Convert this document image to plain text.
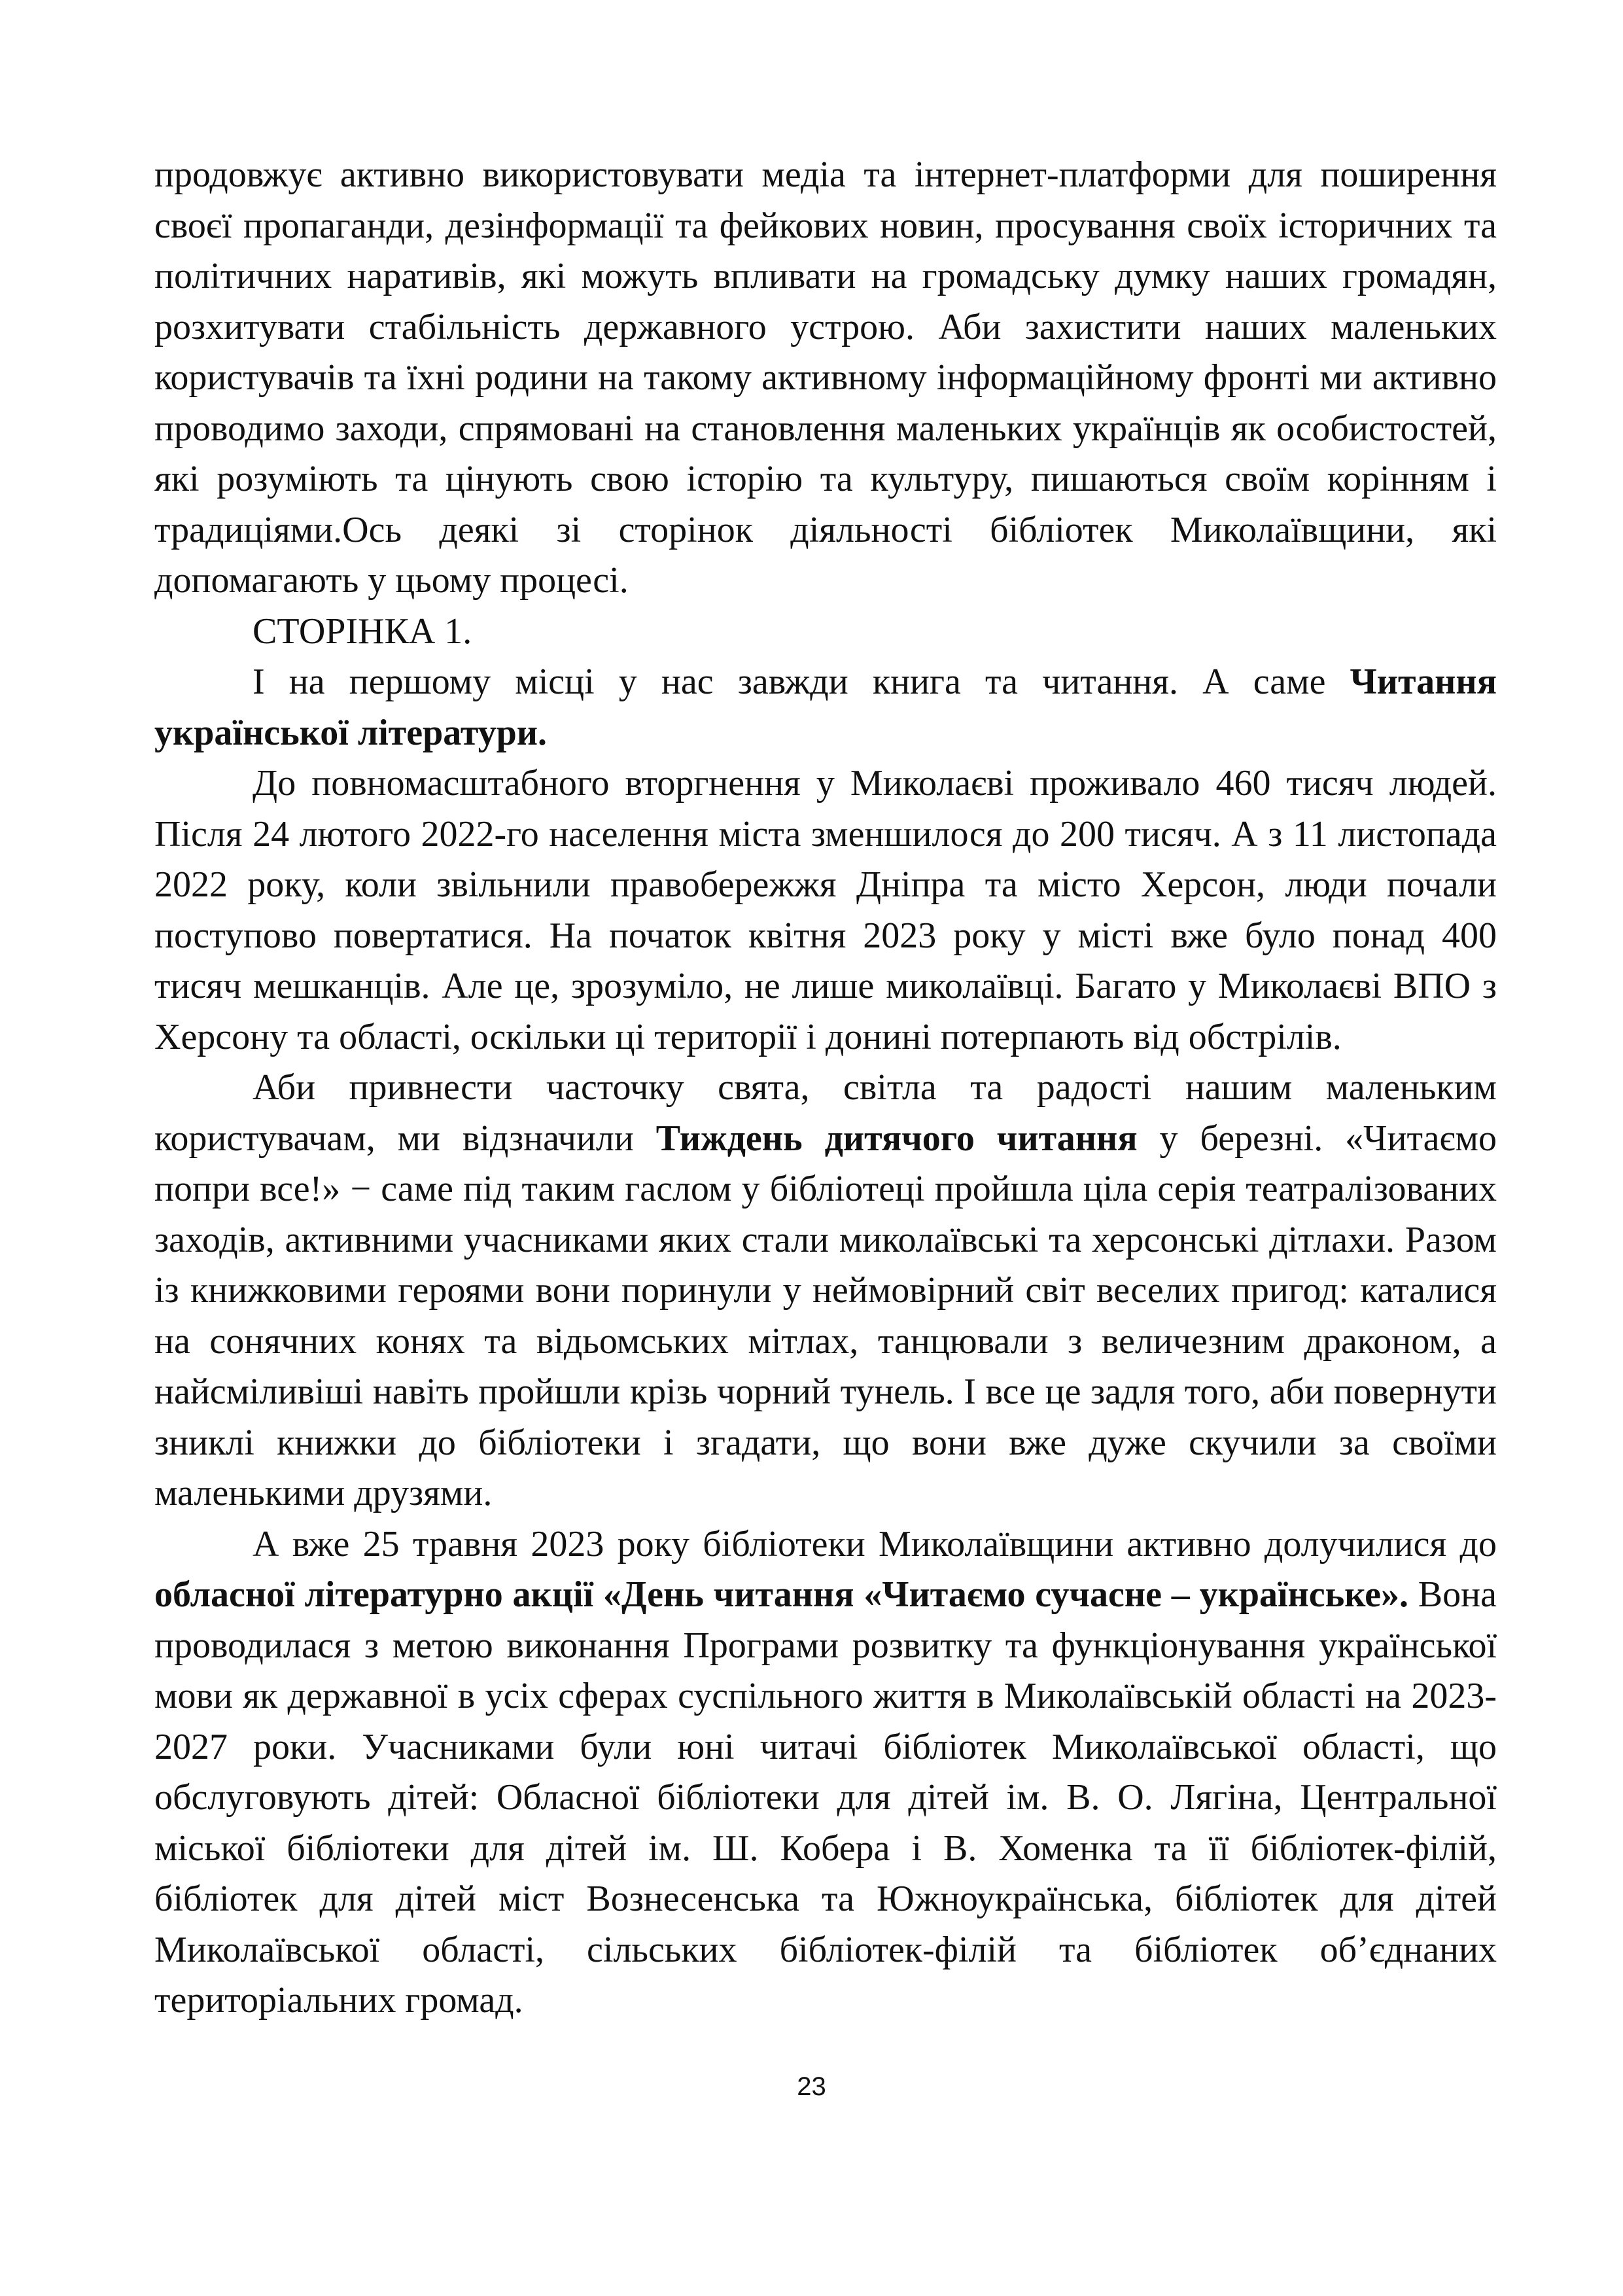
продовжує активно використовувати медіа та інтернет-платформи для поширення своєї пропаганди, дезінформації та фейкових новин, просування своїх історичних та політичних наративів, які можуть впливати на громадську думку наших громадян, розхитувати стабільність державного устрою. Аби захистити наших маленьких користувачів та їхні родини на такому активному інформаційному фронті ми активно проводимо заходи, спрямовані на становлення маленьких українців як особистостей, які розуміють та цінують свою історію та культуру, пишаються своїм корінням і традиціями.Ось деякі зі сторінок діяльності бібліотек Миколаївщини, які допомагають у цьому процесі.

СТОРІНКА 1.

І на першому місці у нас завжди книга та читання. А саме Читання української літератури.

До повномасштабного вторгнення у Миколаєві проживало 460 тисяч людей. Після 24 лютого 2022-го населення міста зменшилося до 200 тисяч. А з 11 листопада 2022 року, коли звільнили правобережжя Дніпра та місто Херсон, люди почали поступово повертатися. На початок квітня 2023 року у місті вже було понад 400 тисяч мешканців. Але це, зрозуміло, не лише миколаївці. Багато у Миколаєві ВПО з Херсону та області, оскільки ці території і донині потерпають від обстрілів.

Аби привнести часточку свята, світла та радості нашим маленьким користувачам, ми відзначили Тиждень дитячого читання у березні. «Читаємо попри все!» − саме під таким гаслом у бібліотеці пройшла ціла серія театралізованих заходів, активними учасниками яких стали миколаївські та херсонські дітлахи. Разом із книжковими героями вони поринули у неймовірний світ веселих пригод: каталися на сонячних конях та відьомських мітлах, танцювали з величезним драконом, а найсміливіші навіть пройшли крізь чорний тунель. І все це задля того, аби повернути зниклі книжки до бібліотеки і згадати, що вони вже дуже скучили за своїми маленькими друзями.

А вже 25 травня 2023 року бібліотеки Миколаївщини активно долучилися до обласної літературно акції «День читання «Читаємо сучасне – українське». Вона проводилася з метою виконання Програми розвитку та функціонування української мови як державної в усіх сферах суспільного життя в Миколаївській області на 2023-2027 роки. Учасниками були юні читачі бібліотек Миколаївської області, що обслуговують дітей: Обласної бібліотеки для дітей ім. В. О. Лягіна, Центральної міської бібліотеки для дітей ім. Ш. Кобера і В. Хоменка та її бібліотек-філій, бібліотек для дітей міст Вознесенська та Южноукраїнська, бібліотек для дітей Миколаївської області, сільських бібліотек-філій та бібліотек об’єднаних територіальних громад.

23
